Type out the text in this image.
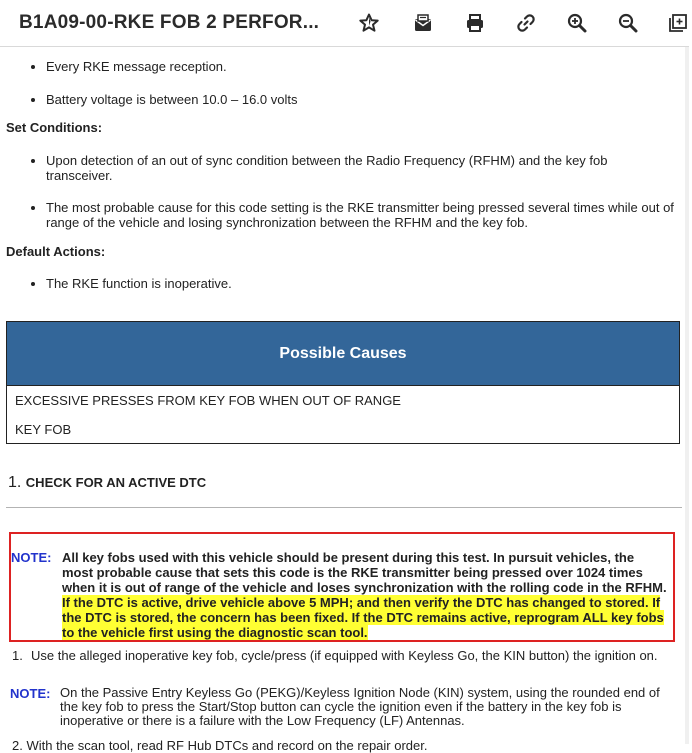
B1A09-00-RKE FOB 2 PERFOR...
Every RKE message reception.
Battery voltage is between 10.0 – 16.0 volts
Set Conditions:
Upon detection of an out of sync condition between the Radio Frequency (RFHM) and the key fob transceiver.
The most probable cause for this code setting is the RKE transmitter being pressed several times while out of range of the vehicle and losing synchronization between the RFHM and the key fob.
Default Actions:
The RKE function is inoperative.
Possible Causes
EXCESSIVE PRESSES FROM KEY FOB WHEN OUT OF RANGE
KEY FOB
1. CHECK FOR AN ACTIVE DTC
NOTE: All key fobs used with this vehicle should be present during this test. In pursuit vehicles, the most probable cause that sets this code is the RKE transmitter being pressed over 1024 times when it is out of range of the vehicle and loses synchronization with the rolling code in the RFHM. If the DTC is active, drive vehicle above 5 MPH; and then verify the DTC has changed to stored. If the DTC is stored, the concern has been fixed. If the DTC remains active, reprogram ALL key fobs to the vehicle first using the diagnostic scan tool.
1. Use the alleged inoperative key fob, cycle/press (if equipped with Keyless Go, the KIN button) the ignition on.
NOTE: On the Passive Entry Keyless Go (PEKG)/Keyless Ignition Node (KIN) system, using the rounded end of the key fob to press the Start/Stop button can cycle the ignition even if the battery in the key fob is inoperative or there is a failure with the Low Frequency (LF) Antennas.
2. With the scan tool, read RF Hub DTCs and record on the repair order.
